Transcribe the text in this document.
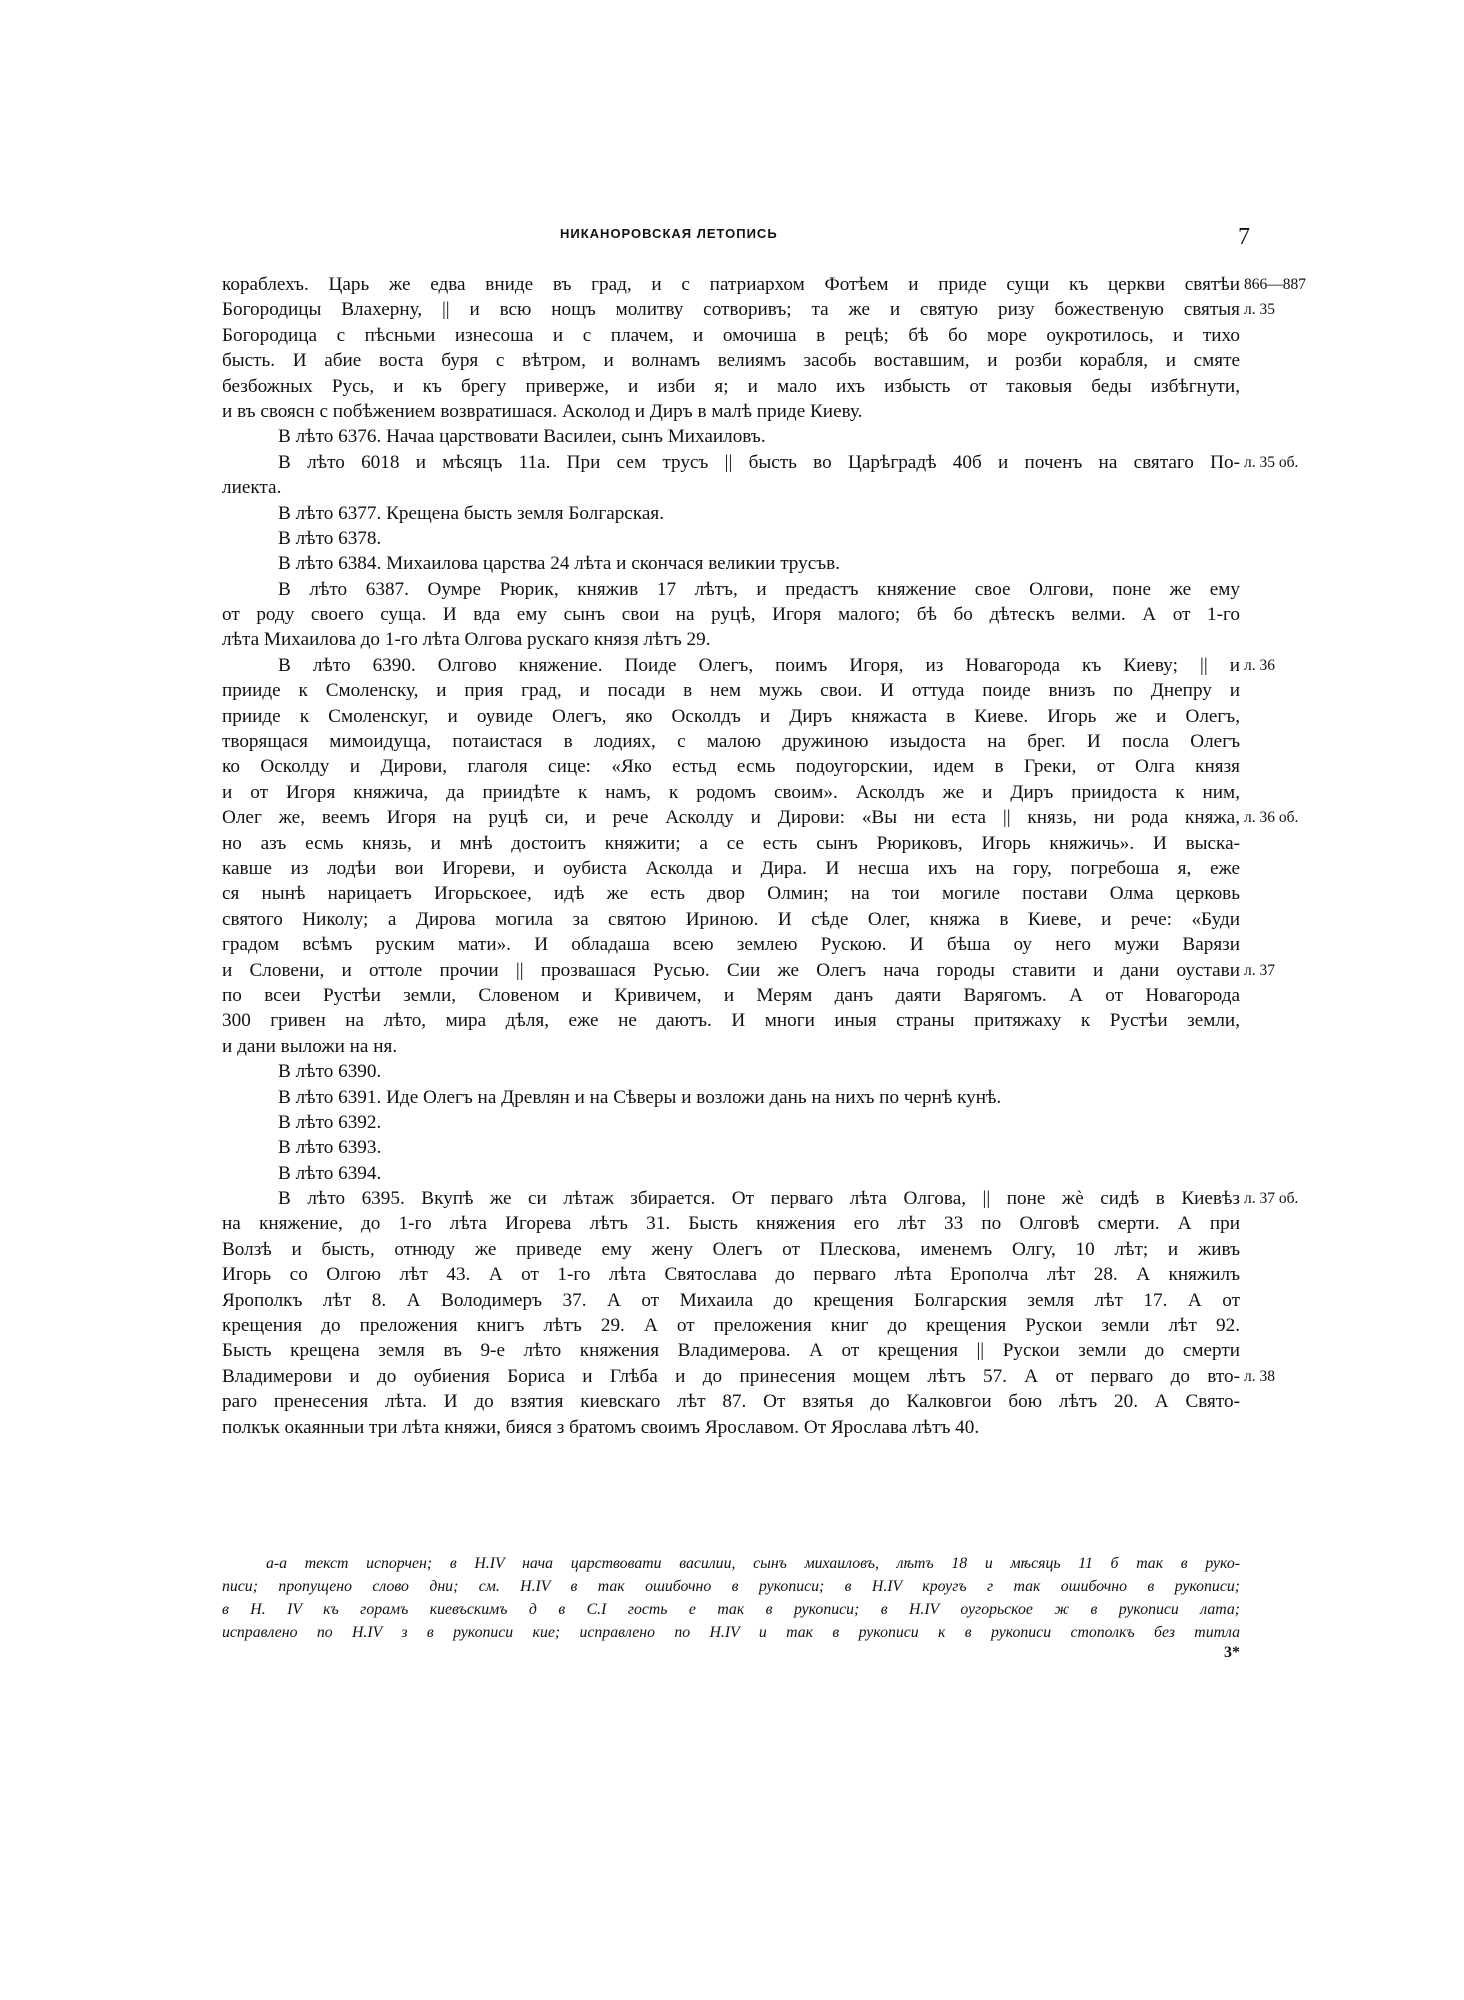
НИКАНОРОВСКАЯ ЛЕТОПИСЬ	7
кораблехъ. Царь же едва вниде въ град, и с патриархом Фотѣем и приде сущи къ церкви святѣи
Богородицы Влахерну, || и всю нощъ молитву сотворивъ; та же и святую ризу божественую святыя
Богородица с пѣсньми изнесоша и с плачем, и омочиша в рецѣ; бѣ бо море оукротилось, и тихо
бысть. И абие воста буря с вѣтром, и волнамъ велиямъ засобь воставшим, и розби корабля, и смяте
безбожных Русь, и къ брегу приверже, и изби я; и мало ихъ избысть от таковыя беды избѣгнути,
и въ своясн с побѣжением возвратишася. Асколод и Диръ в малѣ приде Киеву.
В лѣто 6376. Начаа царствовати Василеи, сынъ Михаиловъ.
В лѣто 6018 и мѣсяцъ 11а. При сем трусъ || бысть во Царѣградѣ 40б и поченъ на святаго По-
лиекта.
В лѣто 6377. Крещена бысть земля Болгарская.
В лѣто 6378.
В лѣто 6384. Михаилова царства 24 лѣта и скончася великии трусъв.
В лѣто 6387. Оумре Рюрик, княжив 17 лѣтъ, и предастъ княжение свое Олгови, поне же ему
от роду своего суща. И вда ему сынъ свои на руцѣ, Игоря малого; бѣ бо дѣтескъ велми. А от 1-го
лѣта Михаилова до 1-го лѣта Олгова рускаго князя лѣтъ 29.
В лѣто 6390. Олгово княжение. Поиде Олегъ, поимъ Игоря, из Новагорода къ Киеву; || и
прииде к Смоленску, и прия град, и посади в нем мужь свои. И оттуда поиде внизъ по Днепру и
прииде к Смоленскуг, и оувиде Олегъ, яко Осколдъ и Диръ княжаста в Киеве. Игорь же и Олегъ,
творящася мимоидуща, потаистася в лодиях, с малою дружиною изыдоста на брег. И посла Олегъ
ко Осколду и Дирови, глаголя сице: «Яко естьд есмь подоугорскии, идем в Греки, от Олга князя
и от Игоря княжича, да приидѣте к намъ, к родомъ своим». Асколдъ же и Диръ приидоста к ним,
Олег же, веемъ Игоря на руцѣ си, и рече Асколду и Дирови: «Вы ни еста || князь, ни рода княжа,
но азъ есмь князь, и мнѣ достоитъ княжити; а се есть сынъ Рюриковъ, Игорь княжичь». И выска-
кавше из лодѣи вои Игореви, и оубиста Асколда и Дира. И несша ихъ на гору, погребоша я, еже
ся нынѣ нарицаетъ Игорьскоее, идѣ же есть двор Олмин; на тои могиле постави Олма церковь
святого Николу; а Дирова могила за святою Ириною. И сѣде Олег, княжа в Киеве, и рече: «Буди
градом всѣмъ руским мати». И обладаша всею землею Рускою. И бѣша оу него мужи Варязи
и Словени, и оттоле прочии || прозвашася Русью. Сии же Олегъ нача городы ставити и дани оустави
по всеи Рустѣи земли, Словеном и Кривичем, и Мерям данъ даяти Варягомъ. А от Новагорода
300 гривен на лѣто, мира дѣля, еже не даютъ. И многи иныя страны притяжаху к Рустѣи земли,
и дани выложи на ня.
В лѣто 6390.
В лѣто 6391. Иде Олегъ на Древлян и на Сѣверы и возложи дань на нихъ по чернѣ кунѣ.
В лѣто 6392.
В лѣто 6393.
В лѣто 6394.
В лѣто 6395. Вкупѣ же си лѣтаж збирается. От перваго лѣта Олгова, || поне жѐ сидѣ в Киевѣз
на княжение, до 1-го лѣта Игорева лѣтъ 31. Бысть княжения его лѣт 33 по Олговѣ смерти. А при
Волзѣ и бысть, отнюду же приведе ему жену Олегъ от Плескова, именемъ Олгу, 10 лѣт; и живъ
Игорь со Олгою лѣт 43. А от 1-го лѣта Святослава до перваго лѣта Ерополча лѣт 28. А княжилъ
Ярополкъ лѣт 8. А Володимеръ 37. А от Михаила до крещения Болгарския земля лѣт 17. А от
крещения до преложения книгъ лѣтъ 29. А от преложения книг до крещения Рускои земли лѣт 92.
Бысть крещена земля въ 9-е лѣто княжения Владимерова. А от крещения || Рускои земли до смерти
Владимерови и до оубиения Бориса и Глѣба и до принесения мощем лѣтъ 57. А от перваго до вто-
раго пренесения лѣта. И до взятия киевскаго лѣт 87. От взятья до Калковгои бою лѣтъ 20. А Свято-
полкък окаянныи три лѣта княжи, бияся з братомъ своимъ Ярославом. От Ярослава лѣтъ 40.
866—887
л. 35
л. 35 об.
л. 36
л. 36 об.
л. 37
л. 37 об.
л. 38
а-а текст испорчен; в Н.IV нача царствовати василии, сынъ михаиловъ, лѣтъ 18 и мѣсяць 11 б так в руко-
писи; пропущено слово дни; см. Н.IV в так ошибочно в рукописи; в Н.IV кроугъ г так ошибочно в рукописи;
в Н. IV къ горамъ киевъскимъ д в С.I гость е так в рукописи; в Н.IV оугорьское ж в рукописи лата;
исправлено по Н.IV з в рукописи кие; исправлено по Н.IV и так в рукописи к в рукописи стополкъ без титла
3*
